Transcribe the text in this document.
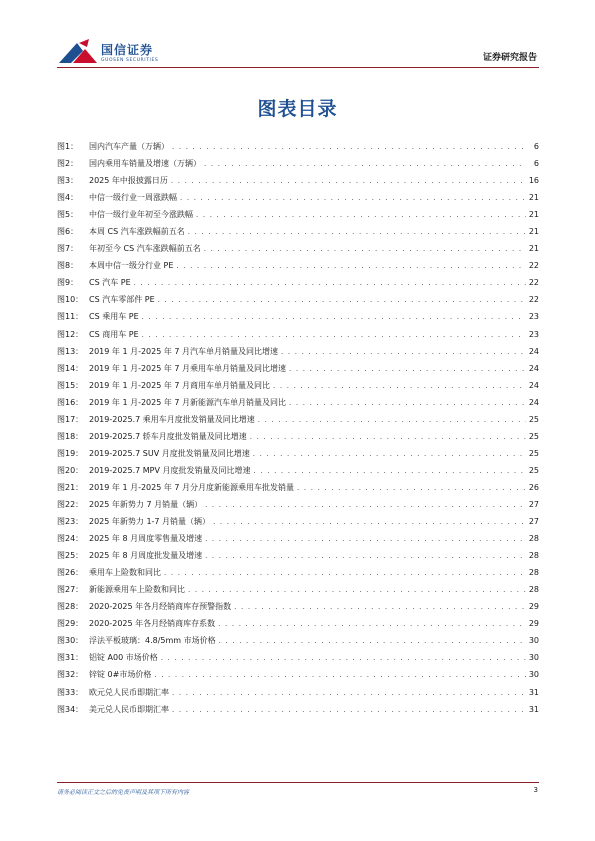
国信证券
GUOSEN SECURITIES	证券研究报告
图表目录
图1：	国内汽车产量（万辆） . . .	6
图2：	国内乘用车销量及增速（万辆） . . .	6
图3：	2025 年中报披露日历 . . .	16
图4：	中信一级行业一周涨跌幅 . . .	21
图5：	中信一级行业年初至今涨跌幅 . . .	21
图6：	本周 CS 汽车涨跌幅前五名 . . .	21
图7：	年初至今 CS 汽车涨跌幅前五名 . . .	21
图8：	本周中信一级分行业 PE . . .	22
图9：	CS 汽车 PE . . .	22
图10： CS 汽车零部件 PE . . .	22
图11： CS 乘用车 PE . . .	23
图12： CS 商用车 PE . . .	23
图13： 2019 年 1 月-2025 年 7 月汽车单月销量及同比增速 . . .	24
图14： 2019 年 1 月-2025 年 7 月乘用车单月销量及同比增速 . . .	24
图15： 2019 年 1 月-2025 年 7 月商用车单月销量及同比 . . .	24
图16： 2019 年 1 月-2025 年 7 月新能源汽车单月销量及同比 . . .	24
图17： 2019-2025.7 乘用车月度批发销量及同比增速 . . .	25
图18： 2019-2025.7 轿车月度批发销量及同比增速 . . .	25
图19： 2019-2025.7 SUV 月度批发销量及同比增速 . . .	25
图20： 2019-2025.7 MPV 月度批发销量及同比增速 . . .	25
图21： 2019 年 1 月-2025 年 7 月分月度新能源乘用车批发销量 . . .	26
图22： 2025 年新势力 7 月销量（辆） . . .	27
图23： 2025 年新势力 1-7 月销量（辆） . . .	27
图24： 2025 年 8 月周度零售量及增速 . . .	28
图25： 2025 年 8 月周度批发量及增速 . . .	28
图26： 乘用车上险数和同比 . . .	28
图27： 新能源乘用车上险数和同比 . . .	28
图28： 2020-2025 年各月经销商库存预警指数 . . .	29
图29： 2020-2025 年各月经销商库存系数 . . .	29
图30： 浮法平板玻璃：4.8/5mm 市场价格 . . .	30
图31： 铝锭 A00 市场价格 . . .	30
图32： 锌锭 0#市场价格 . . .	30
图33： 欧元兑人民币即期汇率 . . .	31
图34： 美元兑人民币即期汇率 . . .	31
请务必阅读正文之后的免责声明及其项下所有内容	3
